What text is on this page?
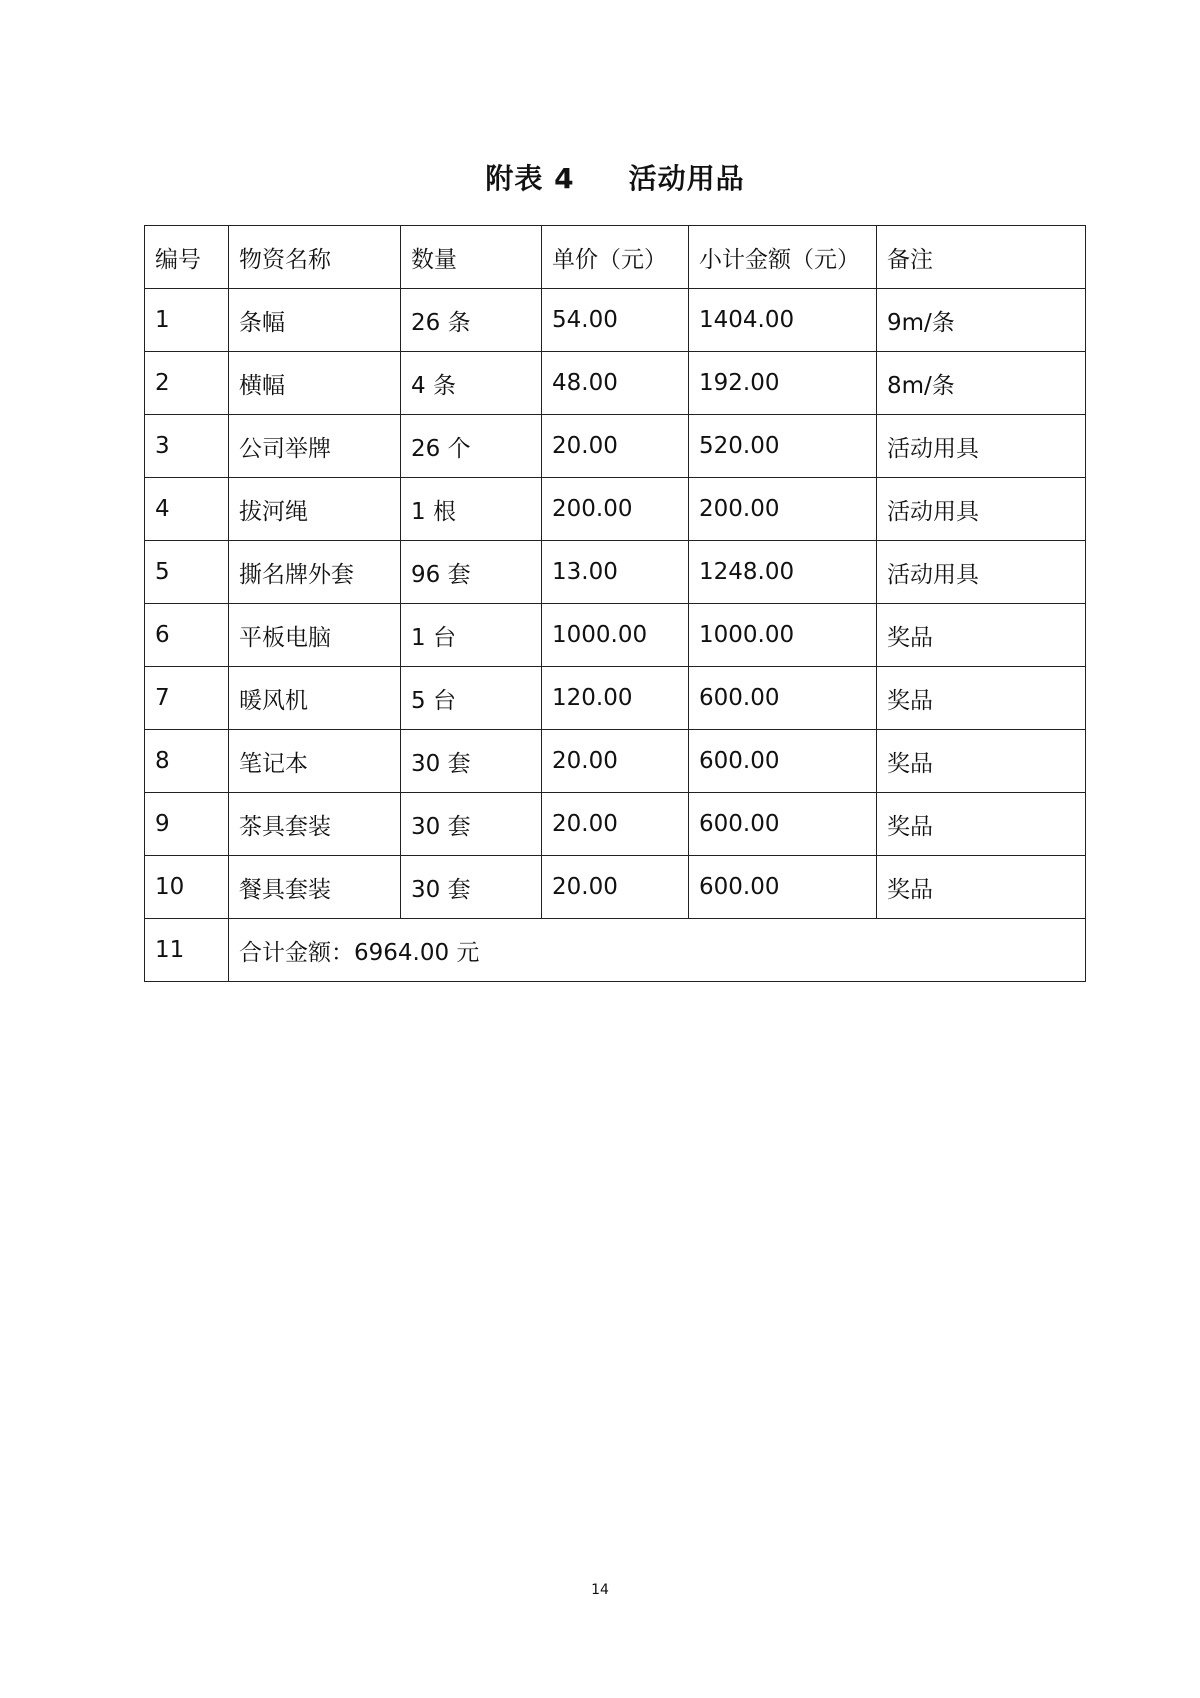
附表 4 活动用品
编号	物资名称	数量	单价（元）	小计金额（元）	备注
1	条幅	26 条	54.00	1404.00	9m/条
2	横幅	4 条	48.00	192.00	8m/条
3	公司举牌	26 个	20.00	520.00	活动用具
4	拔河绳	1 根	200.00	200.00	活动用具
5	撕名牌外套	96 套	13.00	1248.00	活动用具
6	平板电脑	1 台	1000.00	1000.00	奖品
7	暖风机	5 台	120.00	600.00	奖品
8	笔记本	30 套	20.00	600.00	奖品
9	茶具套装	30 套	20.00	600.00	奖品
10	餐具套装	30 套	20.00	600.00	奖品
11	合计金额：6964.00 元				
14
